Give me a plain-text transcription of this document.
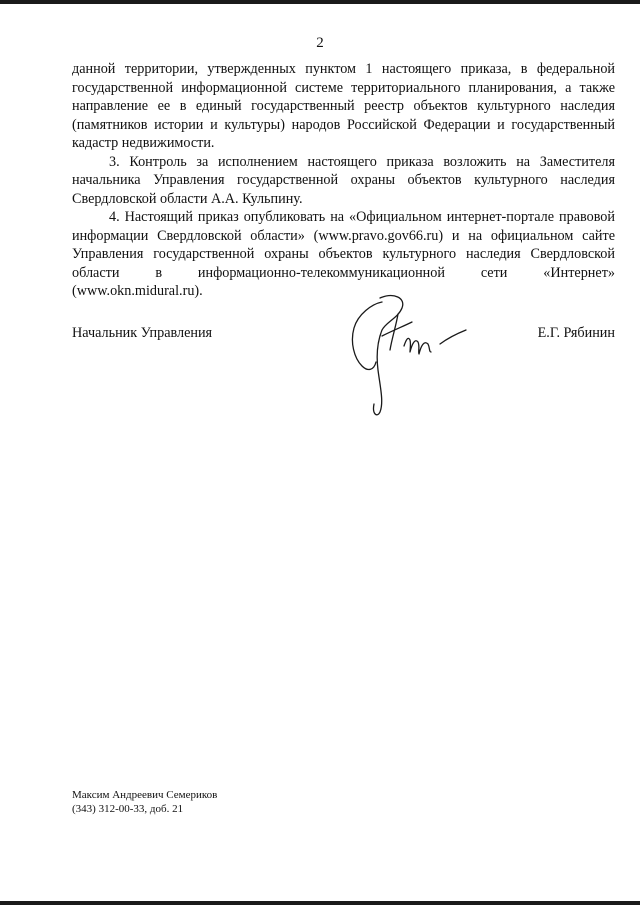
2

данной территории, утвержденных пунктом 1 настоящего приказа, в федеральной государственной информационной системе территориального планирования, а также направление ее в единый государственный реестр объектов культурного наследия (памятников истории и культуры) народов Российской Федерации и государственный кадастр недвижимости.

3. Контроль за исполнением настоящего приказа возложить на Заместителя начальника Управления государственной охраны объектов культурного наследия Свердловской области А.А. Кульпину.

4. Настоящий приказ опубликовать на «Официальном интернет-портале правовой информации Свердловской области» (www.pravo.gov66.ru) и на официальном сайте Управления государственной охраны объектов культурного наследия Свердловской области в информационно-телекоммуникационной сети «Интернет» (www.okn.midural.ru).

Начальник Управления	Е.Г. Рябинин
Максим Андреевич Семериков
(343) 312-00-33, доб. 21
